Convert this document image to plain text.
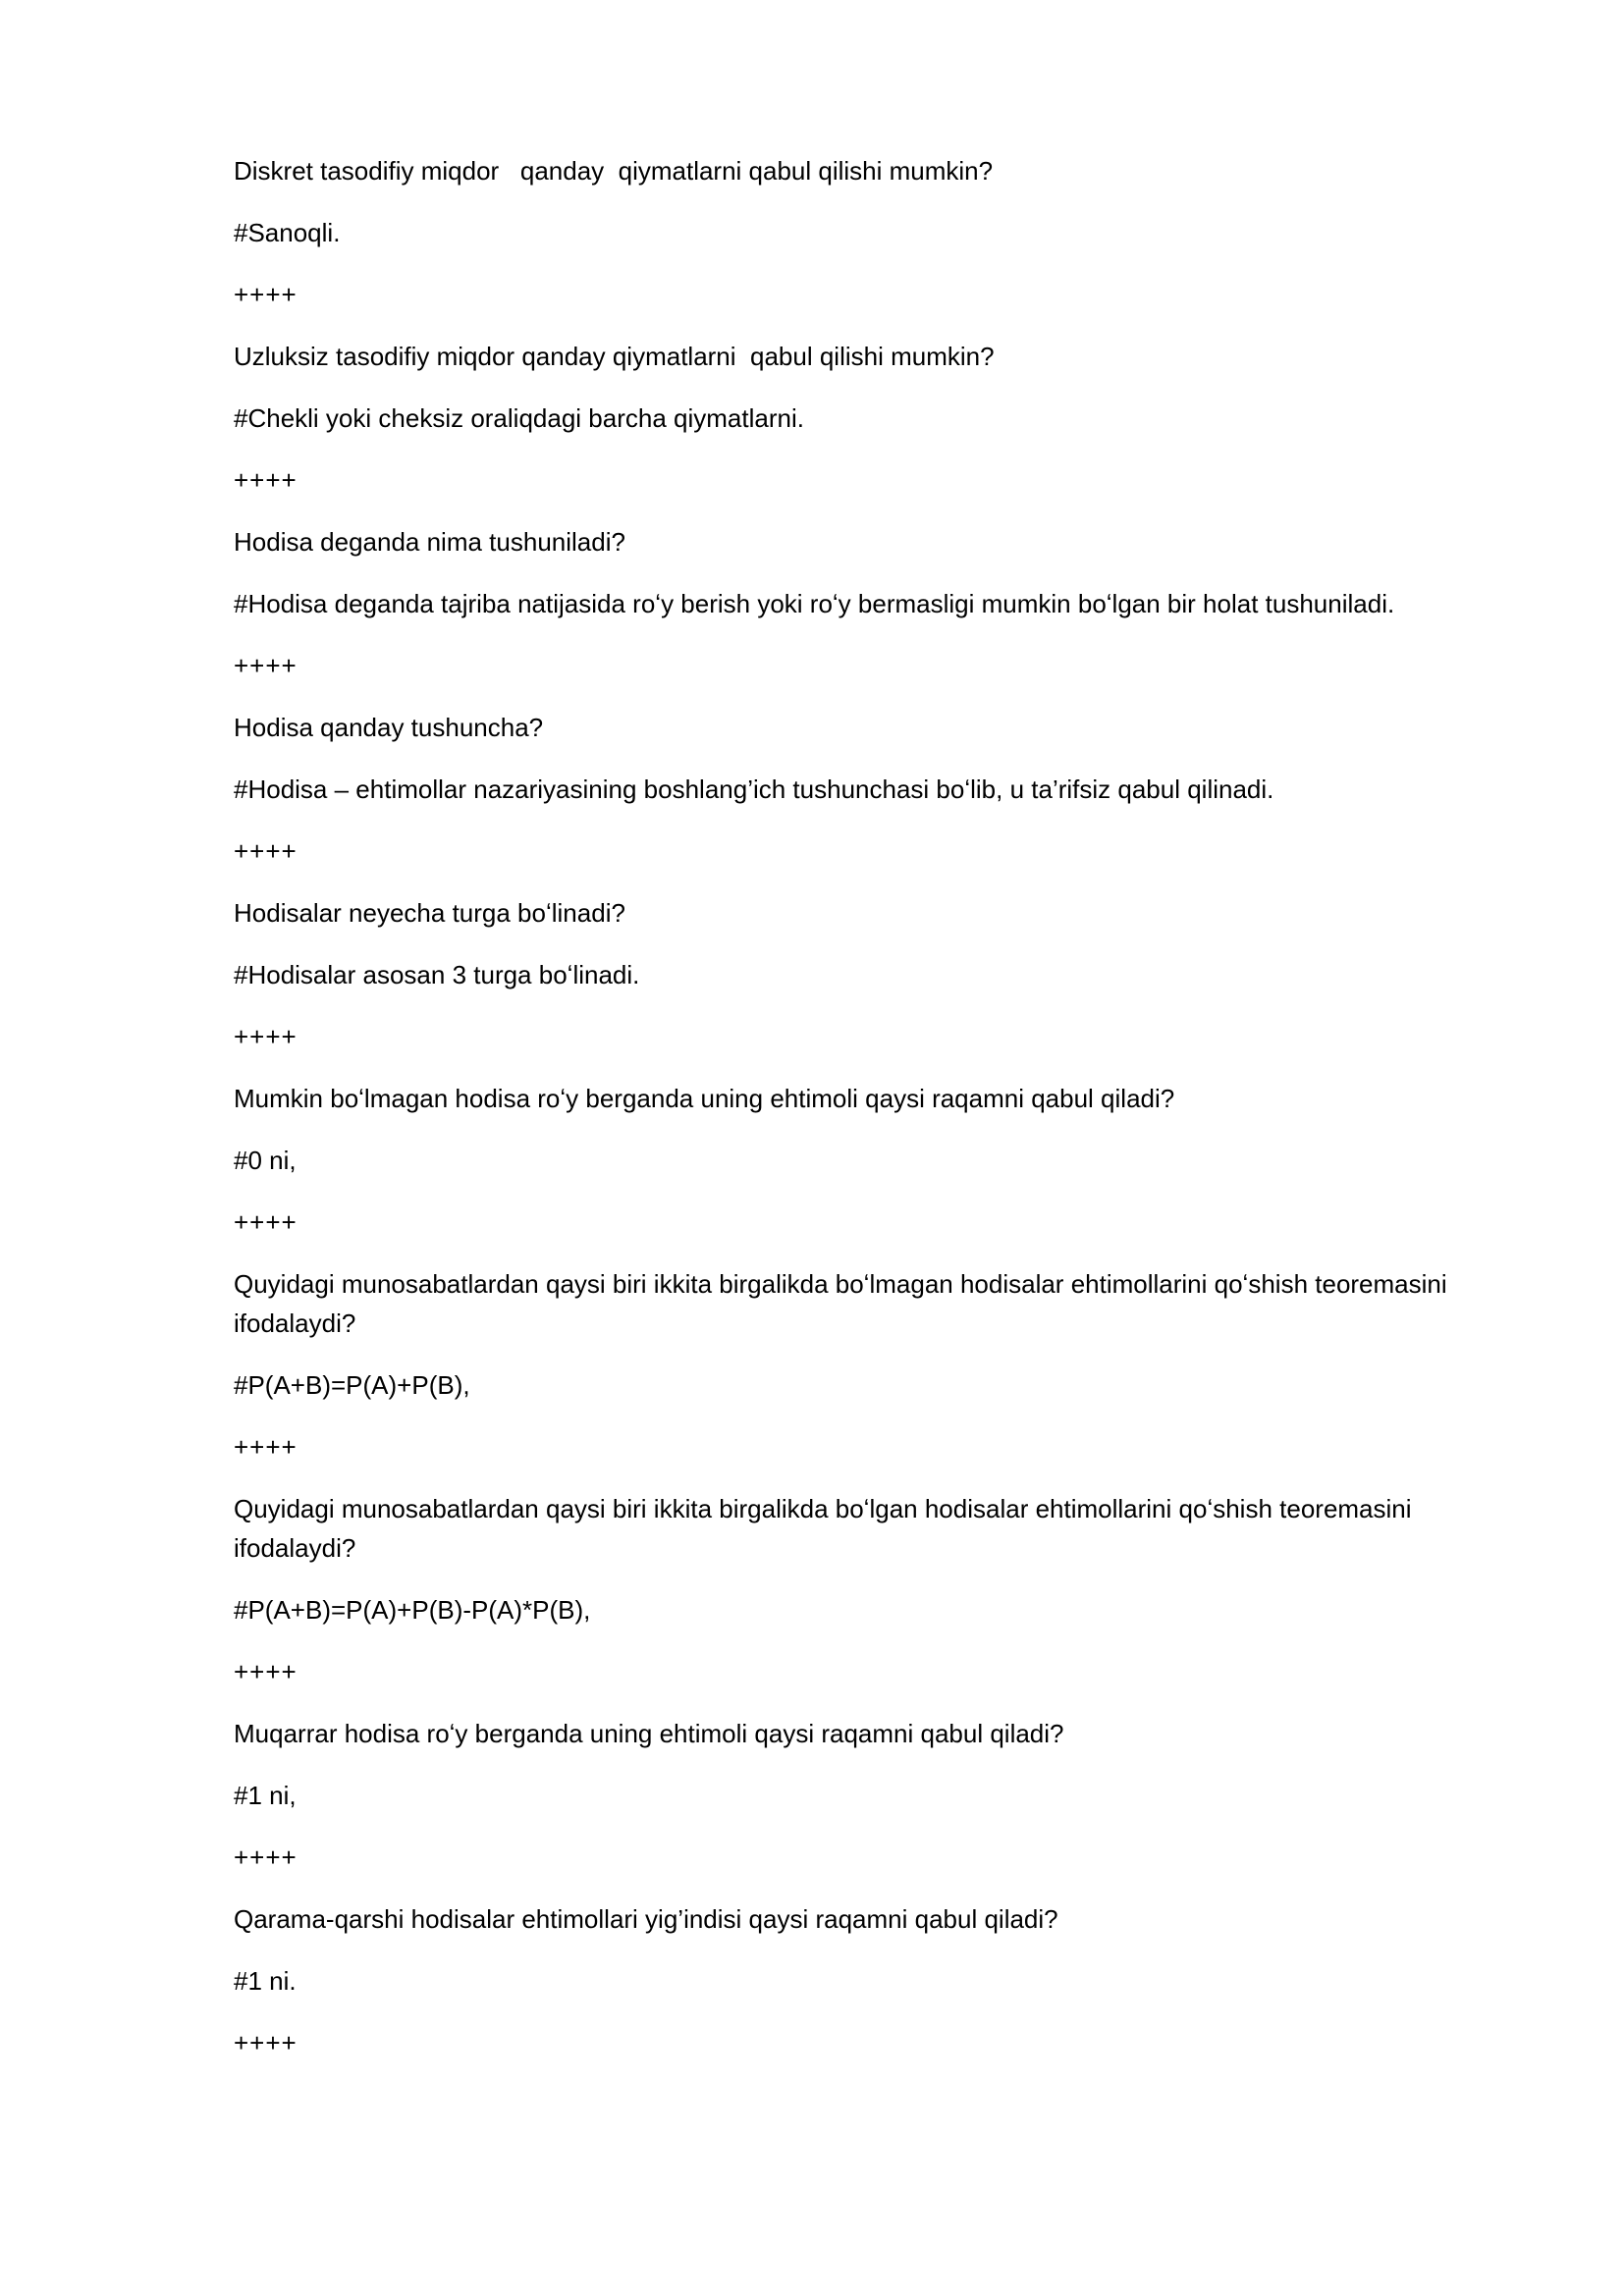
Diskret tasodifiy miqdor   qanday  qiymatlarni qabul qilishi mumkin?
#Sanoqli.
++++
Uzluksiz tasodifiy miqdor qanday qiymatlarni  qabul qilishi mumkin?
#Chekli yoki cheksiz oraliqdagi barcha qiymatlarni.
++++
Hodisa deganda nima tushuniladi?
#Hodisa deganda tajriba natijasida roʻy berish yoki roʻy bermasligi mumkin boʻlgan bir holat tushuniladi.
++++
Hodisa qanday tushuncha?
#Hodisa – ehtimollar nazariyasining boshlang’ich tushunchasi boʻlib, u ta’rifsiz qabul qilinadi.
++++
Hodisalar neyecha turga boʻlinadi?
#Hodisalar asosan 3 turga boʻlinadi.
++++
Mumkin boʻlmagan hodisa roʻy berganda uning ehtimoli qaysi raqamni qabul qiladi?
#0 ni,
++++
Quyidagi munosabatlardan qaysi biri ikkita birgalikda boʻlmagan hodisalar ehtimollarini qoʻshish teoremasini ifodalaydi?
#P(A+B)=P(A)+P(B),
++++
Quyidagi munosabatlardan qaysi biri ikkita birgalikda boʻlgan hodisalar ehtimollarini qoʻshish teoremasini ifodalaydi?
#P(A+B)=P(A)+P(B)-P(A)*P(B),
++++
Muqarrar hodisa roʻy berganda uning ehtimoli qaysi raqamni qabul qiladi?
#1 ni,
++++
Qarama-qarshi hodisalar ehtimollari yig’indisi qaysi raqamni qabul qiladi?
#1 ni.
++++
